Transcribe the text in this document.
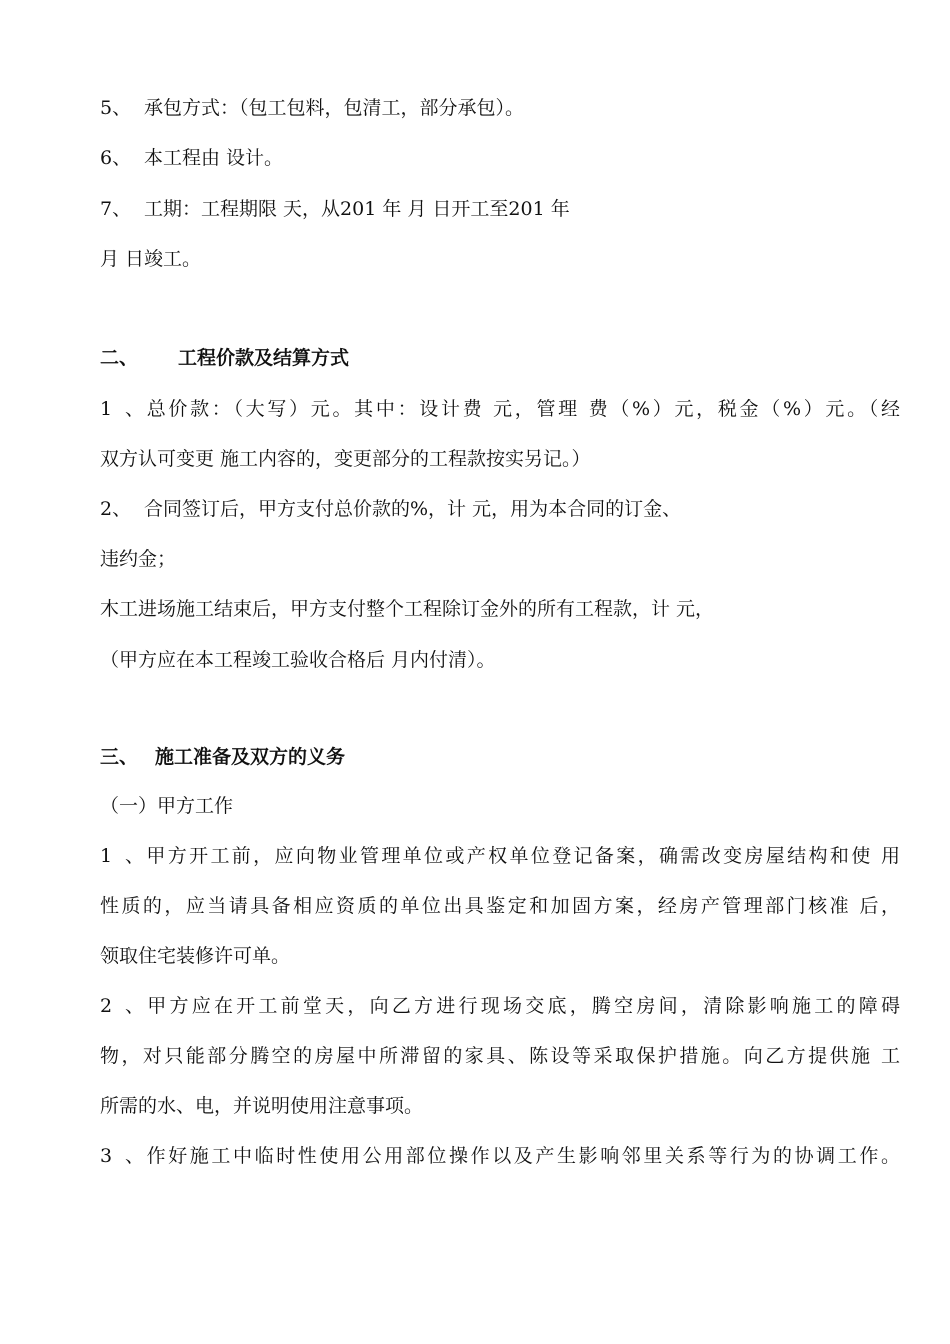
5、 承包方式：（包工包料，包清工，部分承包）。
6、 本工程由 设计。
7、 工期：工程期限 天，从201 年 月 日开工至201 年
月 日竣工。
二、 工程价款及结算方式
1、总价款：（大写）元。其中：设计费 元，管理 费（%）元，税金（%）元。（经
双方认可变更 施工内容的，变更部分的工程款按实另记。）
2、 合同签订后，甲方支付总价款的%，计 元，用为本合同的订金、
违约金；
木工进场施工结束后，甲方支付整个工程除订金外的所有工程款，计 元，
（甲方应在本工程竣工验收合格后 月内付清）。
三、 施工准备及双方的义务
（一）甲方工作
1、甲方开工前，应向物业管理单位或产权单位登记备案，确需改变房屋结构和使 用
性质的，应当请具备相应资质的单位出具鉴定和加固方案，经房产管理部门核准 后，
领取住宅装修许可单。
2、甲方应在开工前堂天，向乙方进行现场交底，腾空房间，清除影响施工的障碍
物，对只能部分腾空的房屋中所滞留的家具、陈设等采取保护措施。向乙方提供施 工
所需的水、电，并说明使用注意事项。
3、作好施工中临时性使用公用部位操作以及产生影响邻里关系等行为的协调工作。
